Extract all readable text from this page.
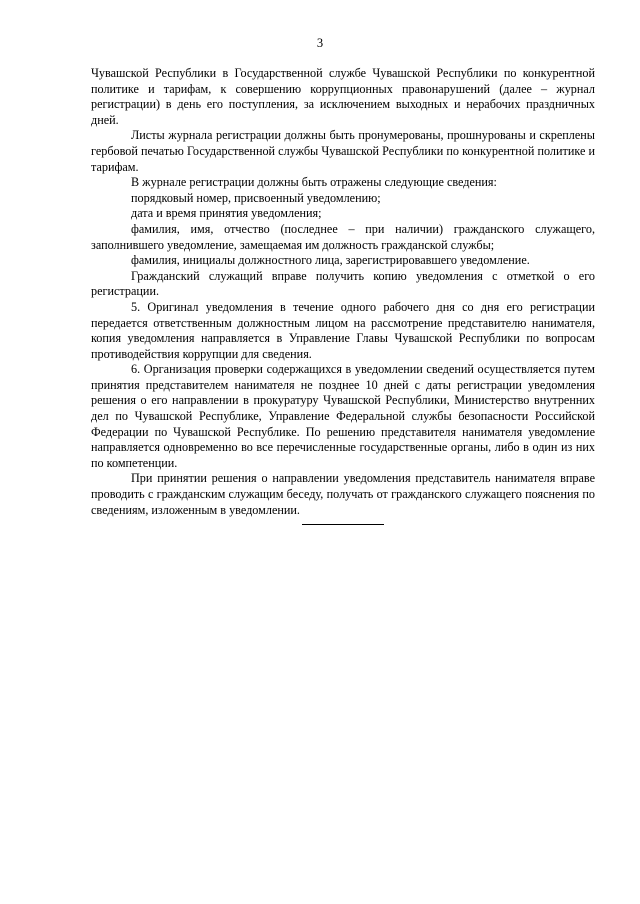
3

Чувашской Республики в Государственной службе Чувашской Республики по конкурентной политике и тарифам, к совершению коррупционных правонарушений (далее – журнал регистрации) в день его поступления, за исключением выходных и нерабочих праздничных дней.

Листы журнала регистрации должны быть пронумерованы, прошнурованы и скреплены гербовой печатью Государственной службы Чувашской Республики по конкурентной политике и тарифам.

В журнале регистрации должны быть отражены следующие сведения:

порядковый номер, присвоенный уведомлению;

дата и время принятия уведомления;

фамилия, имя, отчество (последнее – при наличии) гражданского служащего, заполнившего уведомление, замещаемая им должность гражданской службы;

фамилия, инициалы должностного лица, зарегистрировавшего уведомление.

Гражданский служащий вправе получить копию уведомления с отметкой о его регистрации.

5. Оригинал уведомления в течение одного рабочего дня со дня его регистрации передается ответственным должностным лицом на рассмотрение представителю нанимателя, копия уведомления направляется в Управление Главы Чувашской Республики по вопросам противодействия коррупции для сведения.

6. Организация проверки содержащихся в уведомлении сведений осуществляется путем принятия представителем нанимателя не позднее 10 дней с даты регистрации уведомления решения о его направлении в прокуратуру Чувашской Республики, Министерство внутренних дел по Чувашской Республике, Управление Федеральной службы безопасности Российской Федерации по Чувашской Республике. По решению представителя нанимателя уведомление направляется одновременно во все перечисленные государственные органы, либо в один из них по компетенции.

При принятии решения о направлении уведомления представитель нанимателя вправе проводить с гражданским служащим беседу, получать от гражданского служащего пояснения по сведениям, изложенным в уведомлении.
